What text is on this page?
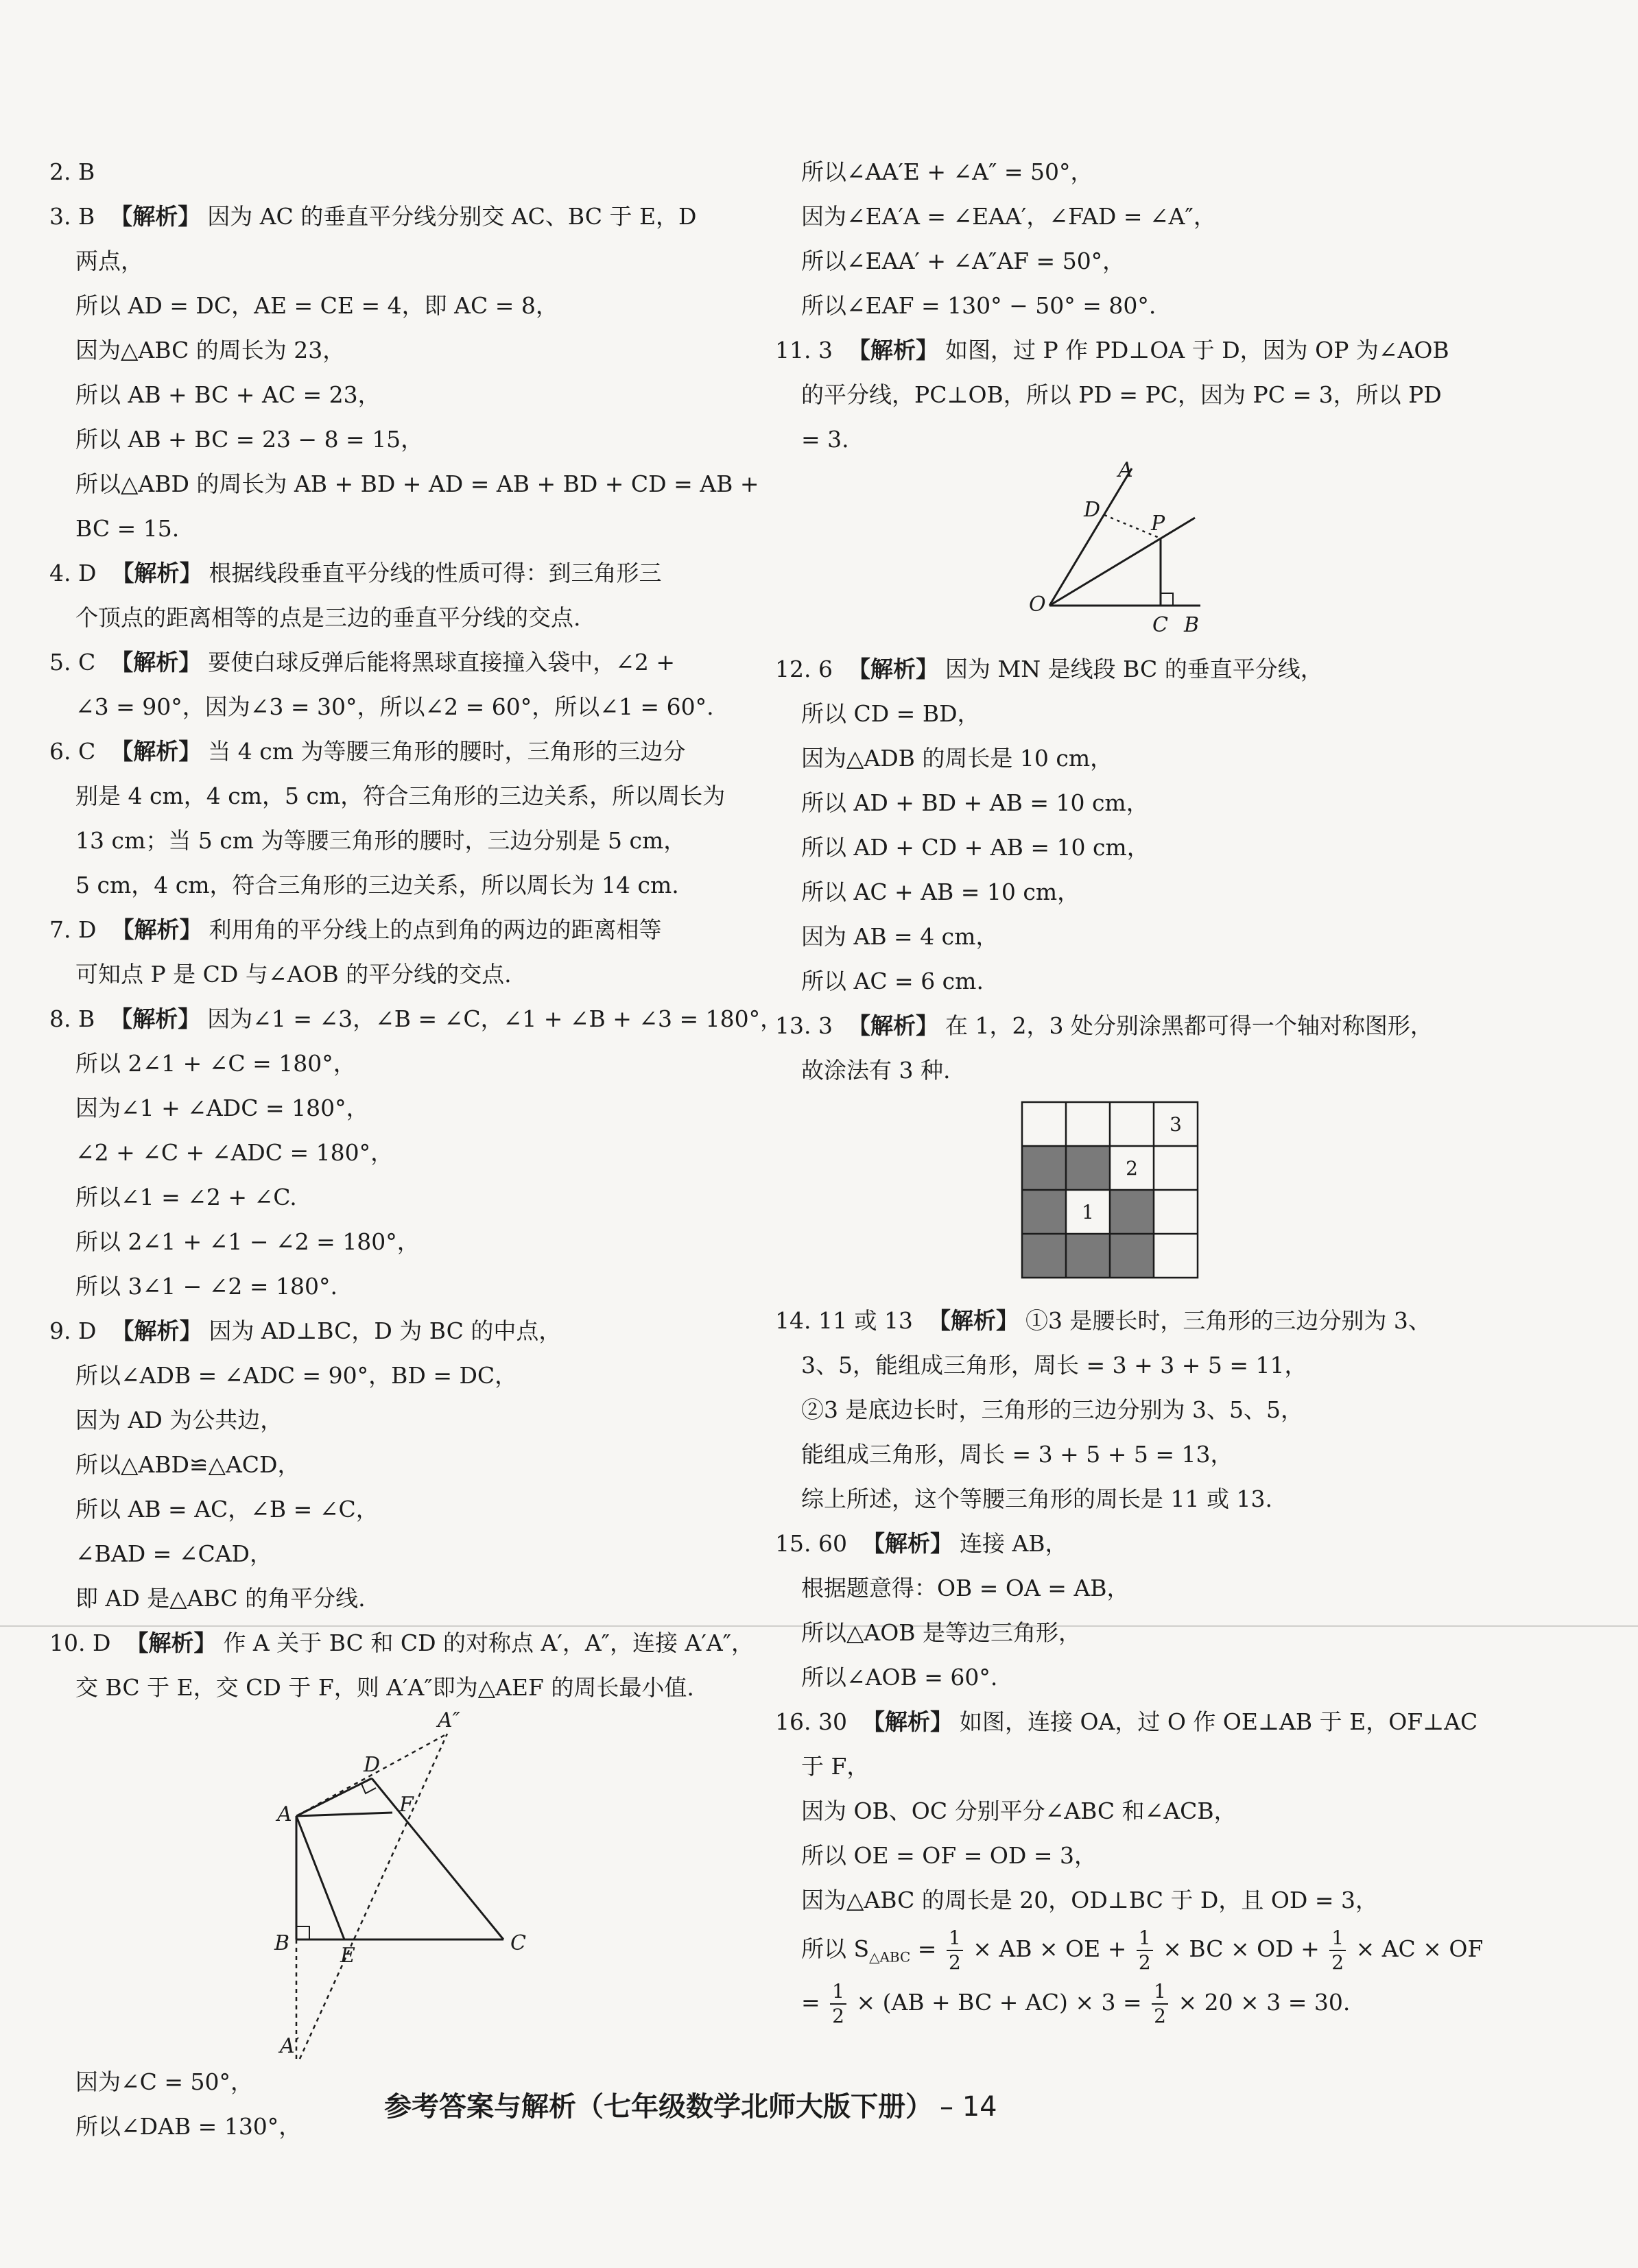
2. B
3. B 【解析】 因为 AC 的垂直平分线分别交 AC、BC 于 E，D
两点，
所以 AD = DC，AE = CE = 4，即 AC = 8，
因为△ABC 的周长为 23，
所以 AB + BC + AC = 23，
所以 AB + BC = 23 − 8 = 15，
所以△ABD 的周长为 AB + BD + AD = AB + BD + CD = AB +
BC = 15.
4. D 【解析】 根据线段垂直平分线的性质可得：到三角形三
个顶点的距离相等的点是三边的垂直平分线的交点.
5. C 【解析】 要使白球反弹后能将黑球直接撞入袋中，∠2 +
∠3 = 90°，因为∠3 = 30°，所以∠2 = 60°，所以∠1 = 60°.
6. C 【解析】 当 4 cm 为等腰三角形的腰时，三角形的三边分
别是 4 cm，4 cm，5 cm，符合三角形的三边关系，所以周长为
13 cm；当 5 cm 为等腰三角形的腰时，三边分别是 5 cm，
5 cm，4 cm，符合三角形的三边关系，所以周长为 14 cm.
7. D 【解析】 利用角的平分线上的点到角的两边的距离相等
可知点 P 是 CD 与∠AOB 的平分线的交点.
8. B 【解析】 因为∠1 = ∠3，∠B = ∠C，∠1 + ∠B + ∠3 = 180°，
所以 2∠1 + ∠C = 180°，
因为∠1 + ∠ADC = 180°，
∠2 + ∠C + ∠ADC = 180°，
所以∠1 = ∠2 + ∠C.
所以 2∠1 + ∠1 − ∠2 = 180°，
所以 3∠1 − ∠2 = 180°.
9. D 【解析】 因为 AD⊥BC，D 为 BC 的中点，
所以∠ADB = ∠ADC = 90°，BD = DC，
因为 AD 为公共边，
所以△ABD≌△ACD，
所以 AB = AC，∠B = ∠C，
∠BAD = ∠CAD，
即 AD 是△ABC 的角平分线.
10. D 【解析】 作 A 关于 BC 和 CD 的对称点 A′，A″，连接 A′A″，
交 BC 于 E，交 CD 于 F，则 A′A″即为△AEF 的周长最小值.
A″
D
A	F
B
E
C
A′
因为∠C = 50°，
所以∠DAB = 130°，
所以∠AA′E + ∠A″ = 50°，
因为∠EA′A = ∠EAA′，∠FAD = ∠A″，
所以∠EAA′ + ∠A″AF = 50°，
所以∠EAF = 130° − 50° = 80°.
11. 3 【解析】 如图，过 P 作 PD⊥OA 于 D，因为 OP 为∠AOB
的平分线，PC⊥OB，所以 PD = PC，因为 PC = 3，所以 PD
= 3.
A
D
P
O
C B
12. 6 【解析】 因为 MN 是线段 BC 的垂直平分线，
所以 CD = BD，
因为△ADB 的周长是 10 cm，
所以 AD + BD + AB = 10 cm，
所以 AD + CD + AB = 10 cm，
所以 AC + AB = 10 cm，
因为 AB = 4 cm，
所以 AC = 6 cm.
13. 3 【解析】 在 1，2，3 处分别涂黑都可得一个轴对称图形，
故涂法有 3 种.
3
2
1
14. 11 或 13 【解析】 ①3 是腰长时，三角形的三边分别为 3、
3、5，能组成三角形，周长 = 3 + 3 + 5 = 11，
②3 是底边长时，三角形的三边分别为 3、5、5，
能组成三角形，周长 = 3 + 5 + 5 = 13，
综上所述，这个等腰三角形的周长是 11 或 13.
15. 60 【解析】 连接 AB，
根据题意得：OB = OA = AB，
所以△AOB 是等边三角形，
所以∠AOB = 60°.
16. 30 【解析】 如图，连接 OA，过 O 作 OE⊥AB 于 E，OF⊥AC
于 F，
因为 OB、OC 分别平分∠ABC 和∠ACB，
所以 OE = OF = OD = 3，
因为△ABC 的周长是 20，OD⊥BC 于 D，且 OD = 3，
所以 $S_{\triangle ABC} = \frac{1}{2}$ × AB × OE + $\frac{1}{2}$ × BC × OD + $\frac{1}{2}$ × AC × OF
= $\frac{1}{2} \times (AB$ + BC + $AC) \times 3 = \frac{1}{2} \times 20 \times 3 = 30$.
参考答案与解析（七年级数学北师大版下册） – 14
